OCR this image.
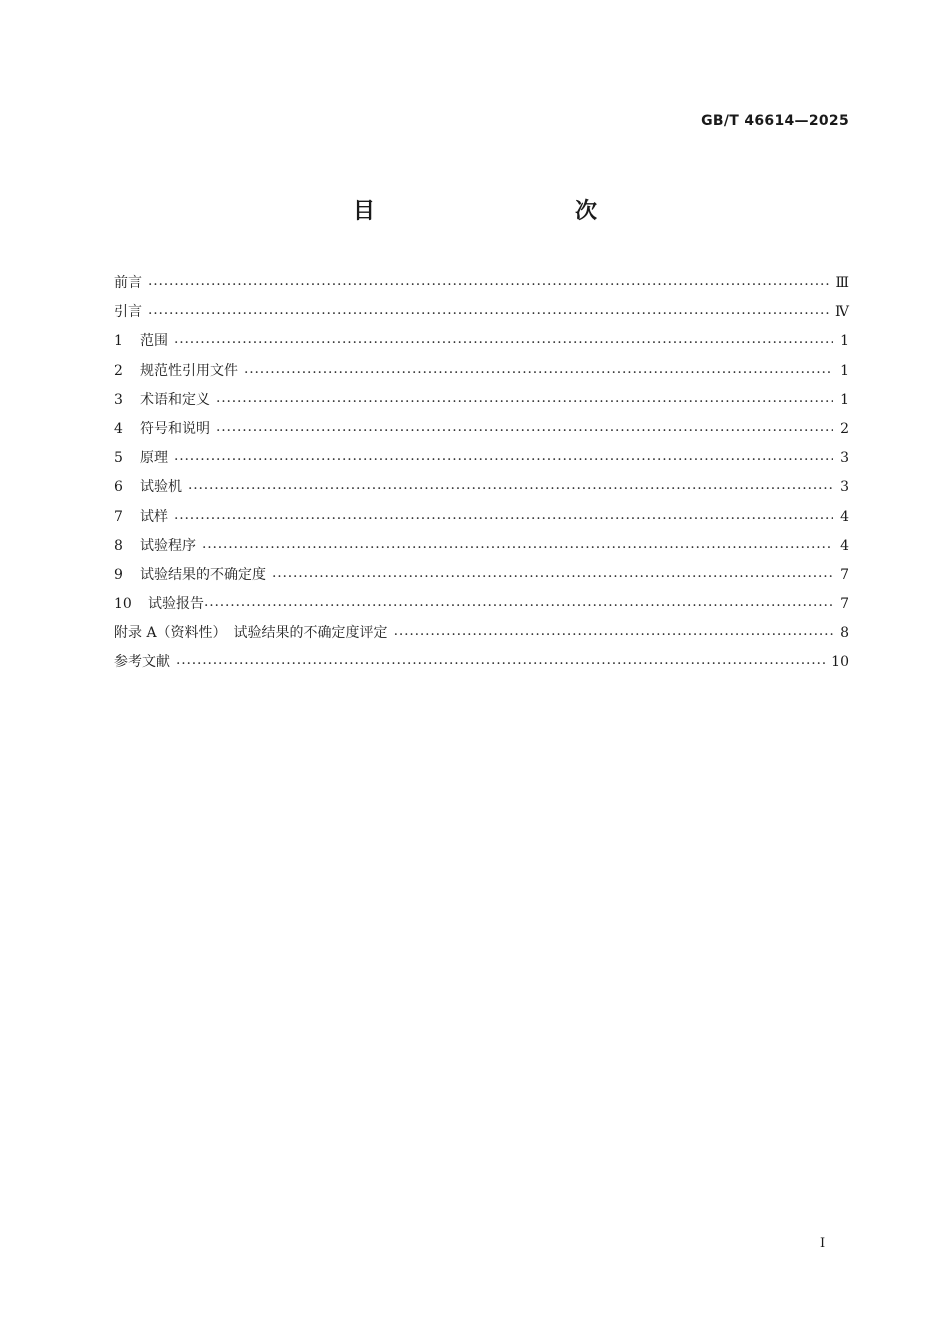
GB/T 46614—2025
目　　次
前言 ·····	Ⅲ
引言 ·····	Ⅳ
1	范围 ·····	1
2	规范性引用文件 ·····	1
3	术语和定义 ·····	1
4	符号和说明 ·····	2
5	原理 ·····	3
6	试验机 ·····	3
7	试样 ·····	4
8	试验程序 ·····	4
9	试验结果的不确定度 ·····	7
10	试验报告 ·····	7
附录 A（资料性）　试验结果的不确定度评定 ·····	8
参考文献 ·····	10
Ⅰ
